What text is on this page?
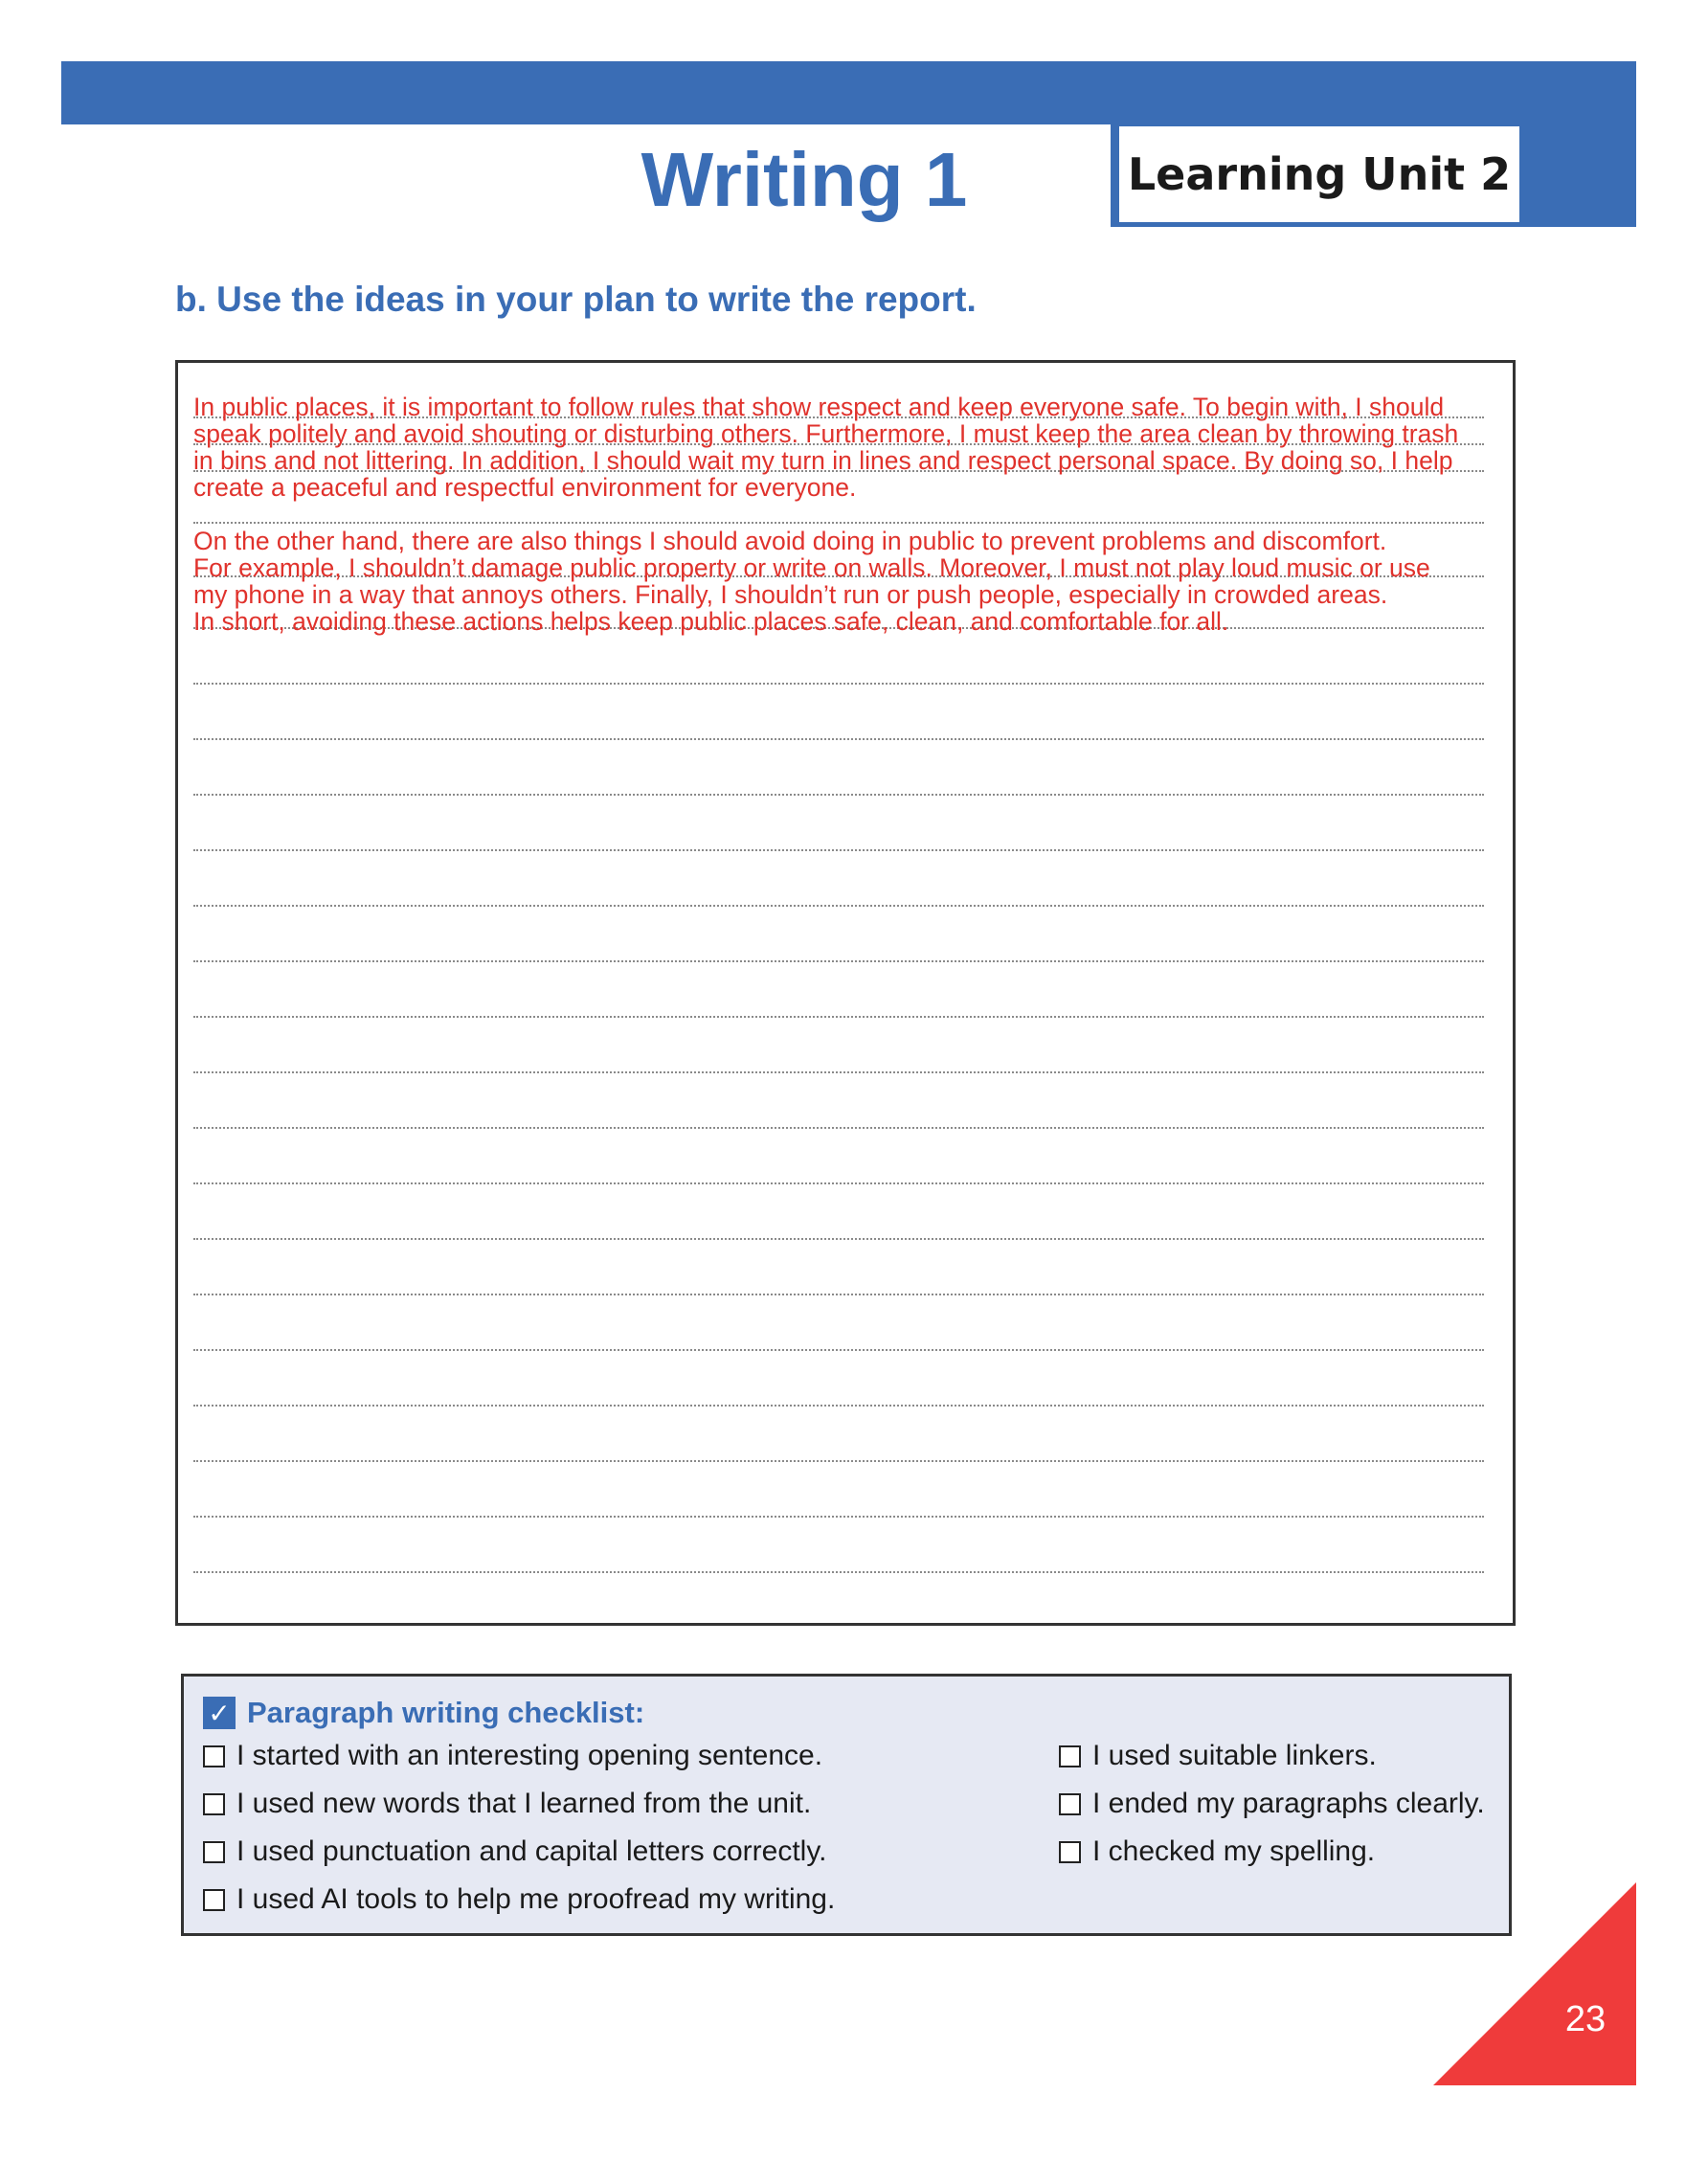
Learning Unit 2
Writing 1
b. Use the ideas in your plan to write the report.

In public places, it is important to follow rules that show respect and keep everyone safe. To begin with, I should

speak politely and avoid shouting or disturbing others. Furthermore, I must keep the area clean by throwing trash

in bins and not littering. In addition, I should wait my turn in lines and respect personal space. By doing so, I help

create a peaceful and respectful environment for everyone.

On the other hand, there are also things I should avoid doing in public to prevent problems and discomfort.

For example, I shouldn’t damage public property or write on walls. Moreover, I must not play loud music or use

my phone in a way that annoys others. Finally, I shouldn’t run or push people, especially in crowded areas.

In short, avoiding these actions helps keep public places safe, clean, and comfortable for all.

✓ Paragraph writing checklist:
I started with an interesting opening sentence.
I used new words that I learned from the unit.
I used punctuation and capital letters correctly.
I used AI tools to help me proofread my writing.
I used suitable linkers.
I ended my paragraphs clearly.
I checked my spelling.
23
